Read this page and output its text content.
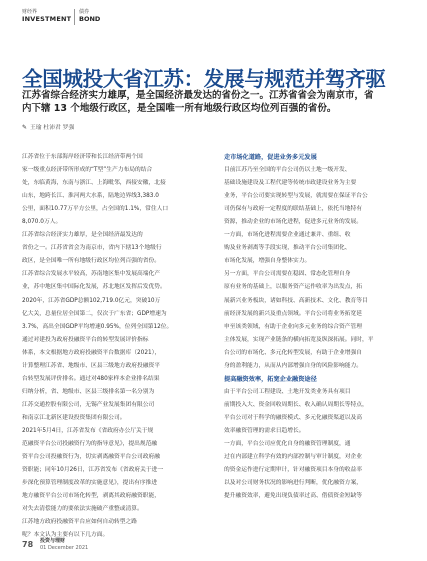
财经界
INVESTMENT
债券
BOND
全国城投大省江苏：发展与规范并驾齐驱
江苏省综合经济实力雄厚，是全国经济最发达的省份之一。江苏省省会为南京市，省
内下辖 13 个地级行政区，是全国唯一所有地级行政区均位列百强的省份。
✎ 王瑜 杜沛君 罗强

江苏省位于东部海岸经济带和长江经济带两个国
家一级重点经济带所形成的“T型”生产力布局的结合
处，东临黄海，东南与浙江、上海毗邻，西接安徽，北接
山东，地跨长江、淮河两大水系，陆地边界线3,383.0
公里，面积10.77万平方公里，占全国的1.1%，常住人口
8,070.0万人。

江苏省综合经济实力雄厚，是全国经济最发达的
省份之一。江苏省省会为南京市，省内下辖13个地级行
政区，是全国唯一所有地级行政区均位列百强的省份。
江苏省综合发展水平较高，苏南地区集中发展高端化产
业，苏中地区集中国际化发展，苏北地区发挥后发优势。
2020年，江苏省GDP总额102,719.0亿元，突破10万
亿大关，总量位居全国第二，仅次于广东省；GDP增速为
3.7%，高出全国GDP平均增速0.95%，位列全国第12位。

通过对建投为政府投融资平台的转型发展评价指标
体系，本文根据地方政府投融资平台数据库（2021），
计算整理江苏省、地级市、区县三级地方政府投融资平
台转型发展评价排名。通过对480家样本企业排名结果
归纳分析，省、地级市、区县三级排名第一名分别为
江苏交通控股有限公司，无锡产业发展集团有限公司
和南京江北新区建设投资集团有限公司。

2021年5月4日，江苏省发布《省政府办公厅关于规
范融资平台公司投融资行为的指导意见》，提出规范融
资平台公司投融资行为，切实剥离融资平台公司政府融
资职能；同年10月26日，江苏省发布《省政府关于进一
步深化预算管理制度改革的实施意见》，提出有序推进
地方融资平台公司市场化转型，剥离其政府融资职能，
对失去清偿能力的要依法实施破产重整或清算。

江苏地方政府投融资平台应如何自动转型之路
呢？本文认为主要有以下几方面。

走市场化道路，促进业务多元发展

目前江苏乃至全国的平台公司仍以土地一级开发、
基础设施建设及工程代建等传统市政建设业务为主要
业务，平台公司要实现转型与发展，就需要在保证平台公
司仍保有与政府一定程度的联结基础上，依托当地特有
资源，推动企业的市场化进程，促进多元业务的发展。

一方面，市场化进程需要企业通过兼并、重组、收
购及业务剥离等手段实现，推动平台公司集团化、
市场化发展，增强自身整体实力。

另一方面，平台公司需要在稳固、常态化管理自身
原有业务的基础上，以服务资产运作收率为出发点，拓
展新兴业务板块，诸如科技、高新技术、文化、教育等目
前经济发展的新兴及重点领域。平台公司将业务拓宽延
申至该类领域，有助于企业向多元业务的综合资产管理
主体发展，实现产业链条的横向拓宽及纵深拓展。同时，平
台公司的市场化、多元化转型发展，有助于企业增强自
身的盈利能力，从而从内部增强自身的风险影响能力。

提高融资效率，拓宽企业融资途径

由于平台公司工程建设、土地开发类业务具有项目
前期投入大、资金回收周期长、收入确认周期长等特点，
平台公司对于科学的融资模式、多元化融资渠道以及高
效率融资管理的需求日趋增长。

一方面，平台公司应优化自身的融资管理制度，通
过在内部建立科学有效的内部控制与审计制度，对企业
的资金运作进行定期审计，针对融资项目本身的收益率
以及对公司财务状况的影响进行判断，优化融资方案，
提升融资效率，避免出现负债率过高、借债资金短缺等

78 投资与理财
01 December 2021
